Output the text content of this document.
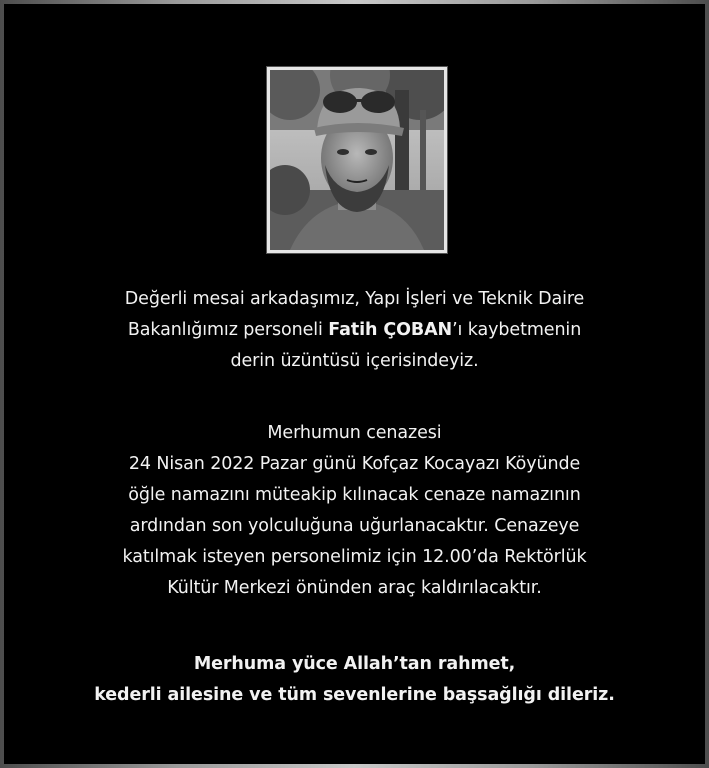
Değerli mesai arkadaşımız, Yapı İşleri ve Teknik Daire
Bakanlığımız personeli Fatih ÇOBAN’ı kaybetmenin
derin üzüntüsü içerisindeyiz.
Merhumun cenazesi
24 Nisan 2022 Pazar günü Kofçaz Kocayazı Köyünde
öğle namazını müteakip kılınacak cenaze namazının
ardından son yolculuğuna uğurlanacaktır. Cenazeye
katılmak isteyen personelimiz için 12.00’da Rektörlük
Kültür Merkezi önünden araç kaldırılacaktır.
Merhuma yüce Allah’tan rahmet,
kederli ailesine ve tüm sevenlerine başsağlığı dileriz.
